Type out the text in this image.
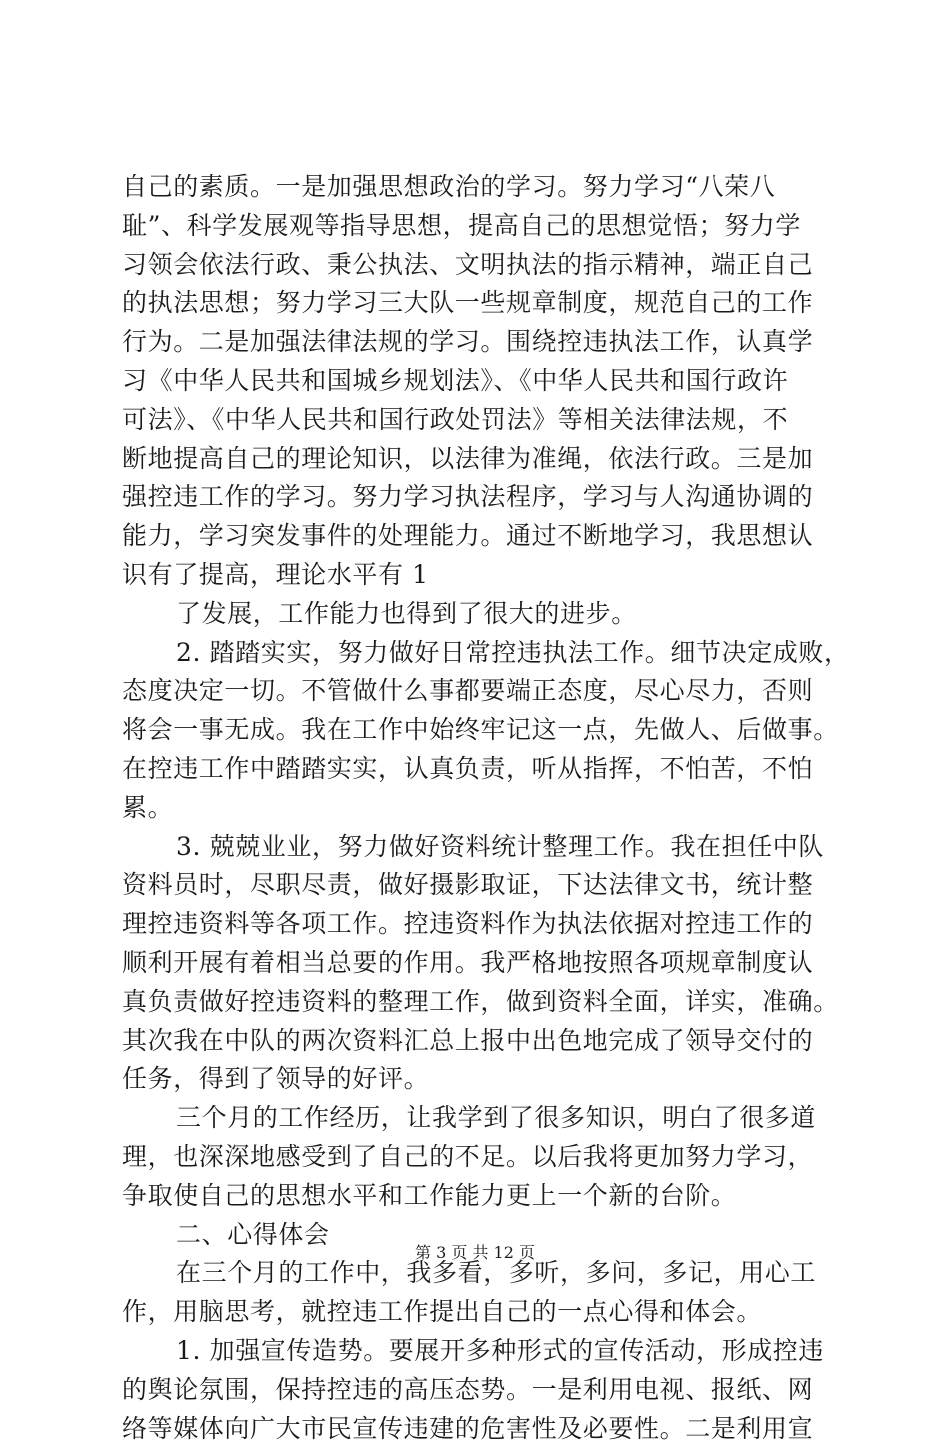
自己的素质。一是加强思想政治的学习。努力学习“八荣八
耻”、科学发展观等指导思想，提高自己的思想觉悟；努力学
习领会依法行政、秉公执法、文明执法的指示精神，端正自己
的执法思想；努力学习三大队一些规章制度，规范自己的工作
行为。二是加强法律法规的学习。围绕控违执法工作，认真学
习《中华人民共和国城乡规划法》、《中华人民共和国行政许
可法》、《中华人民共和国行政处罚法》等相关法律法规，不
断地提高自己的理论知识，以法律为准绳，依法行政。三是加
强控违工作的学习。努力学习执法程序，学习与人沟通协调的
能力，学习突发事件的处理能力。通过不断地学习，我思想认
识有了提高，理论水平有 1
了发展，工作能力也得到了很大的进步。
2. 踏踏实实，努力做好日常控违执法工作。细节决定成败，
态度决定一切。不管做什么事都要端正态度，尽心尽力，否则
将会一事无成。我在工作中始终牢记这一点，先做人、后做事。
在控违工作中踏踏实实，认真负责，听从指挥，不怕苦，不怕
累。
3. 兢兢业业，努力做好资料统计整理工作。我在担任中队
资料员时，尽职尽责，做好摄影取证，下达法律文书，统计整
理控违资料等各项工作。控违资料作为执法依据对控违工作的
顺利开展有着相当总要的作用。我严格地按照各项规章制度认
真负责做好控违资料的整理工作，做到资料全面，详实，准确。
其次我在中队的两次资料汇总上报中出色地完成了领导交付的
任务，得到了领导的好评。
三个月的工作经历，让我学到了很多知识，明白了很多道
理，也深深地感受到了自己的不足。以后我将更加努力学习，
争取使自己的思想水平和工作能力更上一个新的台阶。
二、心得体会
在三个月的工作中，我多看，多听，多问，多记，用心工
作，用脑思考，就控违工作提出自己的一点心得和体会。
1. 加强宣传造势。要展开多种形式的宣传活动，形成控违
的舆论氛围，保持控违的高压态势。一是利用电视、报纸、网
络等媒体向广大市民宣传违建的危害性及必要性。二是利用宣
第 3 页 共 12 页
